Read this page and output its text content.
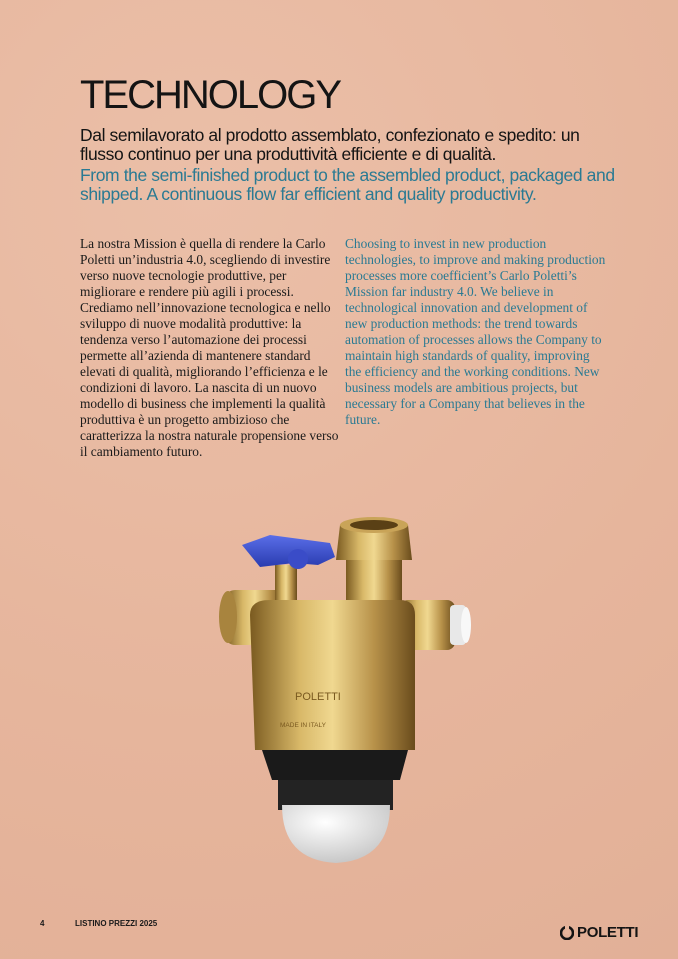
TECHNOLOGY
Dal semilavorato al prodotto assemblato, confezionato e spedito: un flusso continuo per una produttività efficiente e di qualità.
From the semi-finished product to the assembled product, packaged and shipped. A continuous flow far efficient and quality productivity.
La nostra Mission è quella di rendere la Carlo Poletti un’industria 4.0, scegliendo di investire verso nuove tecnologie produttive, per migliorare e rendere più agili i processi. Crediamo nell’innovazione tecnologica e nello sviluppo di nuove modalità produttive: la tendenza verso l’automazione dei processi permette all’azienda di mantenere standard elevati di qualità, migliorando l’efficienza e le condizioni di lavoro. La nascita di un nuovo modello di business che implementi la qualità produttiva è un progetto ambizioso che caratterizza la nostra naturale propensione verso il cambiamento futuro.
Choosing to invest in new production technologies, to improve and making production processes more coefficient’s Carlo Poletti’s Mission far industry 4.0. We believe in technological innovation and development of new production methods: the trend towards automation of processes allows the Company to maintain high standards of quality, improving the efficiency and the working conditions. New business models are ambitious projects, but necessary for a Company that believes in the future.
POLETTI
MADE IN ITALY
4	LISTINO PREZZI 2025
POLETTI
